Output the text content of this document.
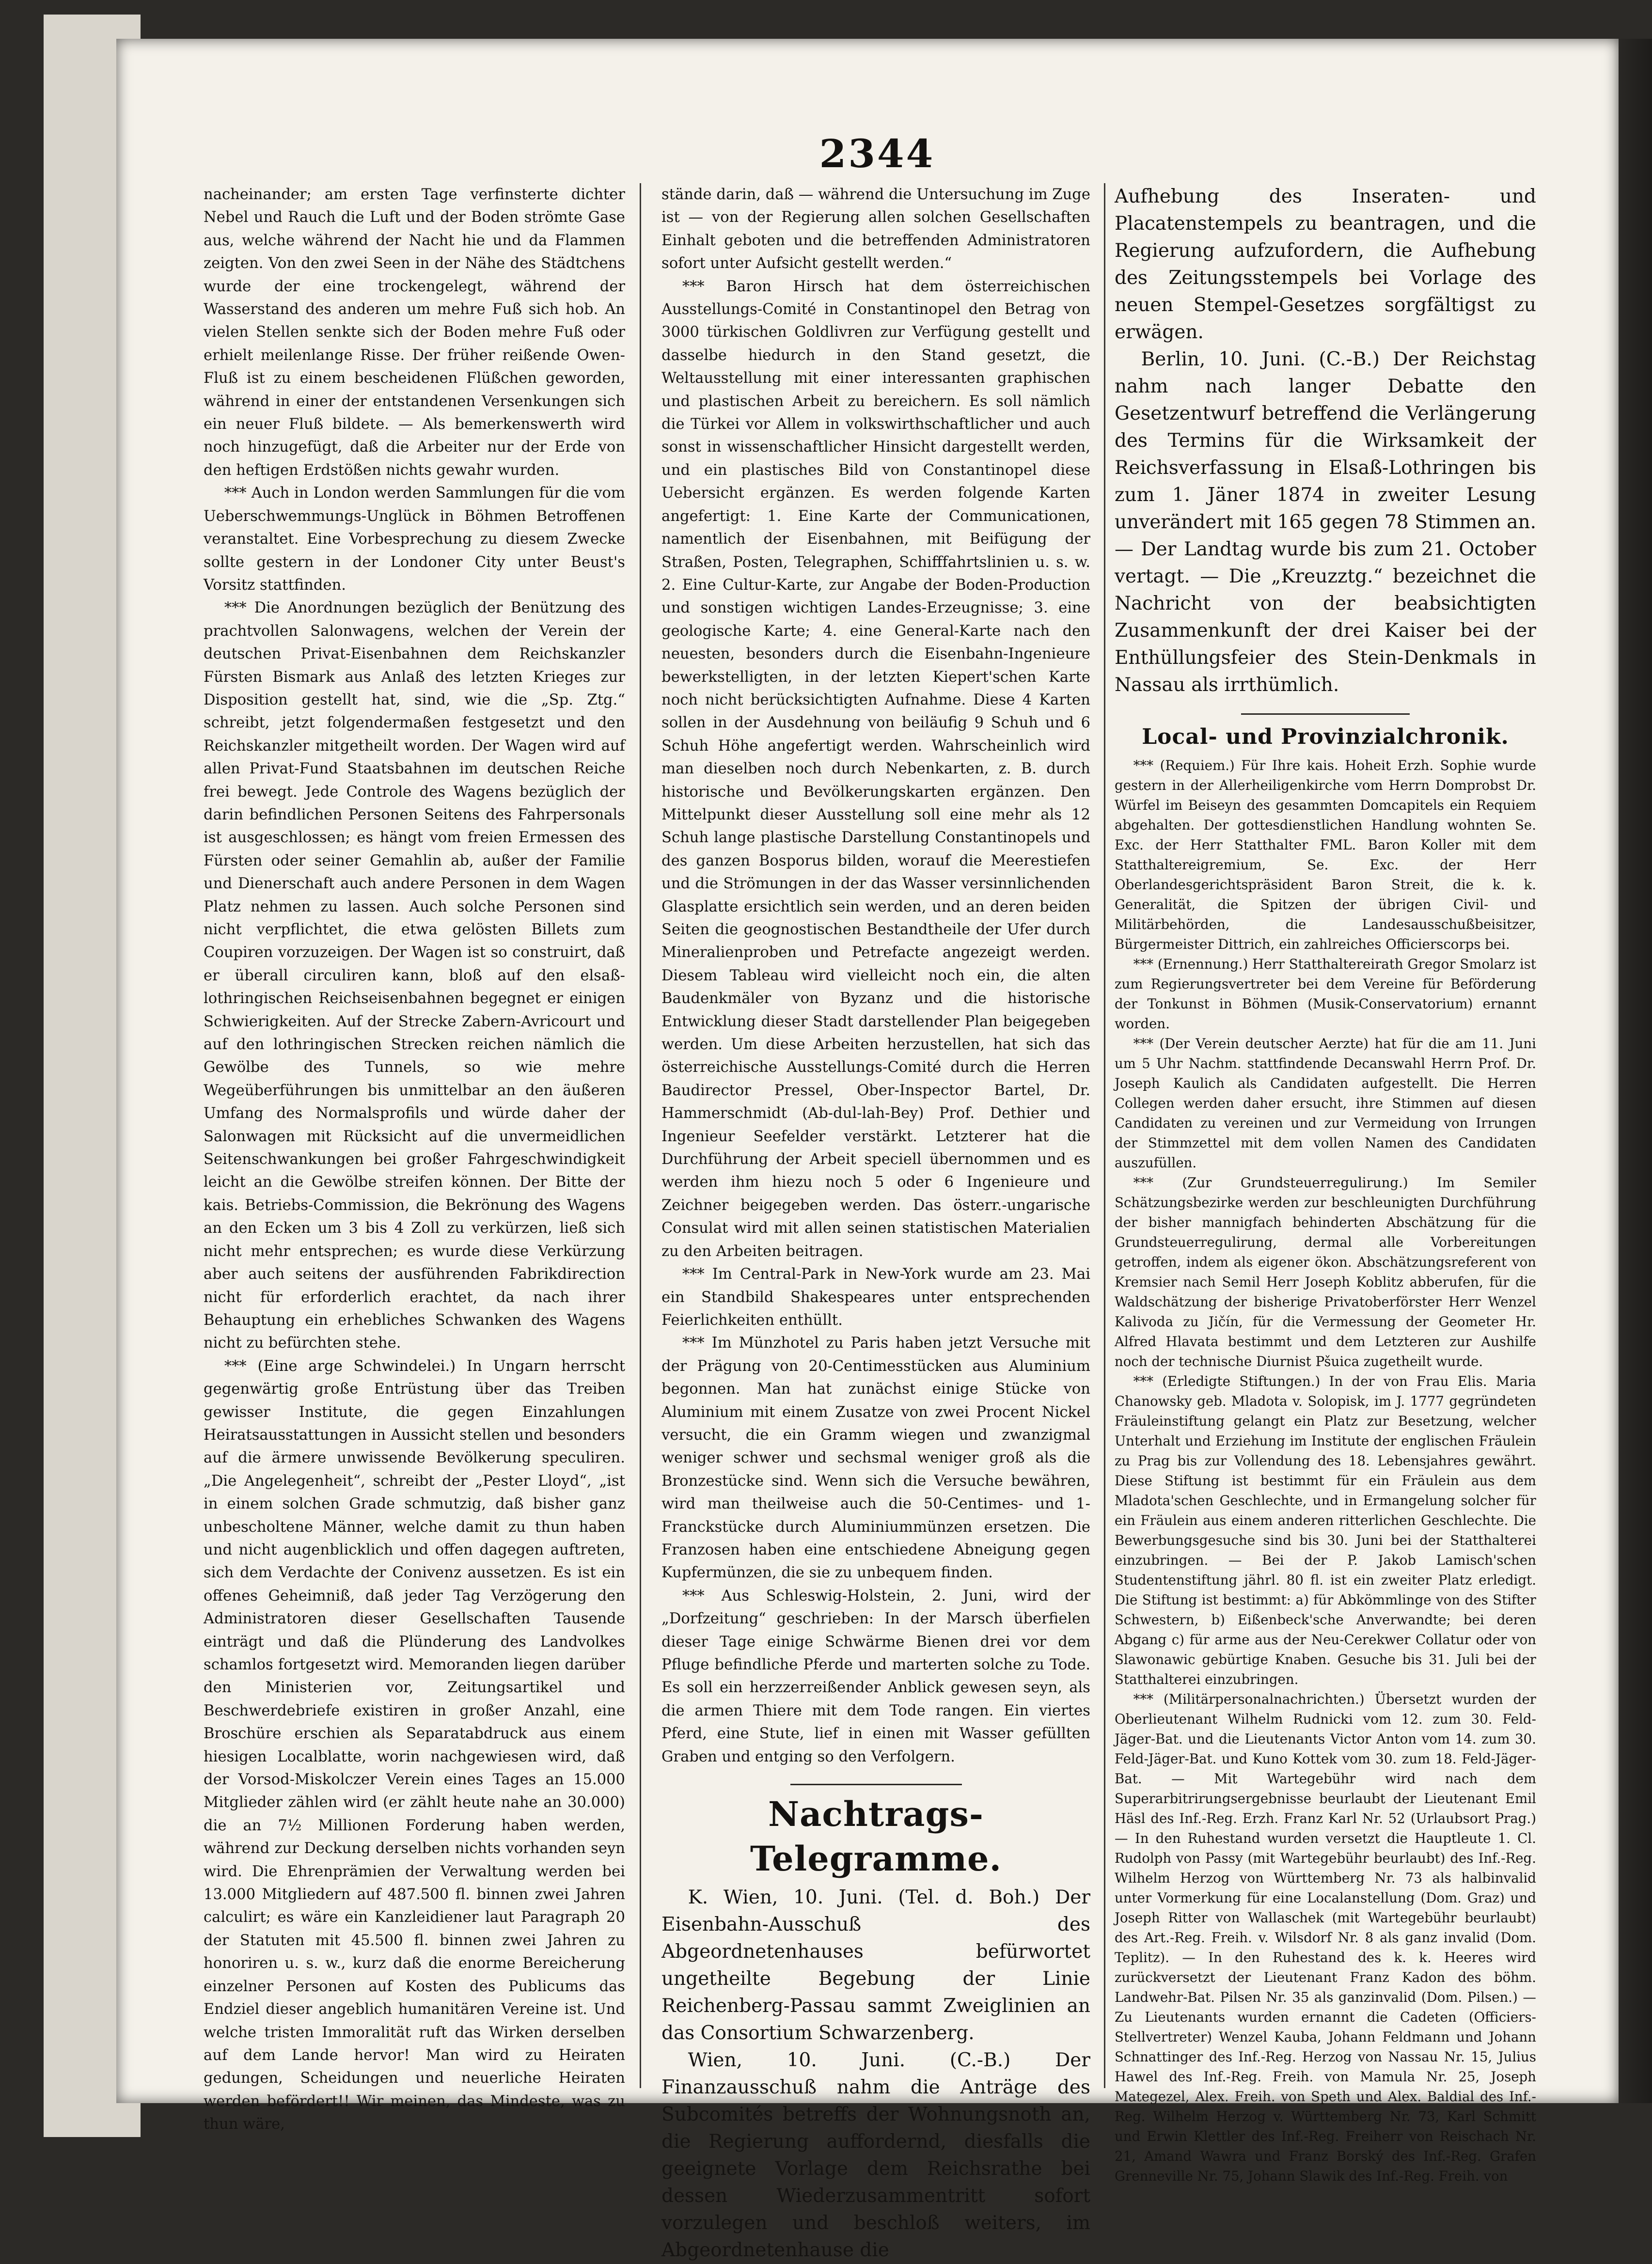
2344

nacheinander; am ersten Tage verfinsterte dichter Nebel und Rauch die Luft und der Boden strömte Gase aus, welche während der Nacht hie und da Flammen zeigten. Von den zwei Seen in der Nähe des Städtchens wurde der eine trockengelegt, während der Wasserstand des anderen um mehre Fuß sich hob. An vielen Stellen senkte sich der Boden mehre Fuß oder erhielt meilenlange Risse. Der früher reißende Owen-Fluß ist zu einem bescheidenen Flüßchen geworden, während in einer der entstandenen Versenkungen sich ein neuer Fluß bildete. — Als bemerkenswerth wird noch hinzugefügt, daß die Arbeiter nur der Erde von den heftigen Erdstößen nichts gewahr wurden.

*** Auch in London werden Sammlungen für die vom Ueberschwemmungs-Unglück in Böhmen Betroffenen veranstaltet. Eine Vorbesprechung zu diesem Zwecke sollte gestern in der Londoner City unter Beust's Vorsitz stattfinden.

*** Die Anordnungen bezüglich der Benützung des prachtvollen Salonwagens, welchen der Verein der deutschen Privat-Eisenbahnen dem Reichskanzler Fürsten Bismark aus Anlaß des letzten Krieges zur Disposition gestellt hat, sind, wie die „Sp. Ztg.“ schreibt, jetzt folgendermaßen festgesetzt und den Reichskanzler mitgetheilt worden. Der Wagen wird auf allen Privat-Fund Staatsbahnen im deutschen Reiche frei bewegt. Jede Controle des Wagens bezüglich der darin befindlichen Personen Seitens des Fahrpersonals ist ausgeschlossen; es hängt vom freien Ermessen des Fürsten oder seiner Gemahlin ab, außer der Familie und Dienerschaft auch andere Personen in dem Wagen Platz nehmen zu lassen. Auch solche Personen sind nicht verpflichtet, die etwa gelösten Billets zum Coupiren vorzuzeigen. Der Wagen ist so construirt, daß er überall circuliren kann, bloß auf den elsaß-lothringischen Reichseisenbahnen begegnet er einigen Schwierigkeiten. Auf der Strecke Zabern-Avricourt und auf den lothringischen Strecken reichen nämlich die Gewölbe des Tunnels, so wie mehre Wegeüberführungen bis unmittelbar an den äußeren Umfang des Normalsprofils und würde daher der Salonwagen mit Rücksicht auf die unvermeidlichen Seitenschwankungen bei großer Fahrgeschwindigkeit leicht an die Gewölbe streifen können. Der Bitte der kais. Betriebs-Commission, die Bekrönung des Wagens an den Ecken um 3 bis 4 Zoll zu verkürzen, ließ sich nicht mehr entsprechen; es wurde diese Verkürzung aber auch seitens der ausführenden Fabrikdirection nicht für erforderlich erachtet, da nach ihrer Behauptung ein erhebliches Schwanken des Wagens nicht zu befürchten stehe.

*** (Eine arge Schwindelei.) In Ungarn herrscht gegenwärtig große Entrüstung über das Treiben gewisser Institute, die gegen Einzahlungen Heiratsausstattungen in Aussicht stellen und besonders auf die ärmere unwissende Bevölkerung speculiren. „Die Angelegenheit“, schreibt der „Pester Lloyd“, „ist in einem solchen Grade schmutzig, daß bisher ganz unbescholtene Männer, welche damit zu thun haben und nicht augenblicklich und offen dagegen auftreten, sich dem Verdachte der Conivenz aussetzen. Es ist ein offenes Geheimniß, daß jeder Tag Verzögerung den Administratoren dieser Gesellschaften Tausende einträgt und daß die Plünderung des Landvolkes schamlos fortgesetzt wird. Memoranden liegen darüber den Ministerien vor, Zeitungsartikel und Beschwerdebriefe existiren in großer Anzahl, eine Broschüre erschien als Separatabdruck aus einem hiesigen Localblatte, worin nachgewiesen wird, daß der Vorsod-Miskolczer Verein eines Tages an 15.000 Mitglieder zählen wird (er zählt heute nahe an 30.000) die an 7½ Millionen Forderung haben werden, während zur Deckung derselben nichts vorhanden seyn wird. Die Ehrenprämien der Verwaltung werden bei 13.000 Mitgliedern auf 487.500 fl. binnen zwei Jahren calculirt; es wäre ein Kanzleidiener laut Paragraph 20 der Statuten mit 45.500 fl. binnen zwei Jahren zu honoriren u. s. w., kurz daß die enorme Bereicherung einzelner Personen auf Kosten des Publicums das Endziel dieser angeblich humanitären Vereine ist. Und welche tristen Immoralität ruft das Wirken derselben auf dem Lande hervor! Man wird zu Heiraten gedungen, Scheidungen und neuerliche Heiraten werden befördert!! Wir meinen, das Mindeste, was zu thun wäre,

stände darin, daß — während die Untersuchung im Zuge ist — von der Regierung allen solchen Gesellschaften Einhalt geboten und die betreffenden Administratoren sofort unter Aufsicht gestellt werden.“

*** Baron Hirsch hat dem österreichischen Ausstellungs-Comité in Constantinopel den Betrag von 3000 türkischen Goldlivren zur Verfügung gestellt und dasselbe hiedurch in den Stand gesetzt, die Weltausstellung mit einer interessanten graphischen und plastischen Arbeit zu bereichern. Es soll nämlich die Türkei vor Allem in volkswirthschaftlicher und auch sonst in wissenschaftlicher Hinsicht dargestellt werden, und ein plastisches Bild von Constantinopel diese Uebersicht ergänzen. Es werden folgende Karten angefertigt: 1. Eine Karte der Communicationen, namentlich der Eisenbahnen, mit Beifügung der Straßen, Posten, Telegraphen, Schifffahrtslinien u. s. w. 2. Eine Cultur-Karte, zur Angabe der Boden-Production und sonstigen wichtigen Landes-Erzeugnisse; 3. eine geologische Karte; 4. eine General-Karte nach den neuesten, besonders durch die Eisenbahn-Ingenieure bewerkstelligten, in der letzten Kiepert'schen Karte noch nicht berücksichtigten Aufnahme. Diese 4 Karten sollen in der Ausdehnung von beiläufig 9 Schuh und 6 Schuh Höhe angefertigt werden. Wahrscheinlich wird man dieselben noch durch Nebenkarten, z. B. durch historische und Bevölkerungskarten ergänzen. Den Mittelpunkt dieser Ausstellung soll eine mehr als 12 Schuh lange plastische Darstellung Constantinopels und des ganzen Bosporus bilden, worauf die Meerestiefen und die Strömungen in der das Wasser versinnlichenden Glasplatte ersichtlich sein werden, und an deren beiden Seiten die geognostischen Bestandtheile der Ufer durch Mineralienproben und Petrefacte angezeigt werden. Diesem Tableau wird vielleicht noch ein, die alten Baudenkmäler von Byzanz und die historische Entwicklung dieser Stadt darstellender Plan beigegeben werden. Um diese Arbeiten herzustellen, hat sich das österreichische Ausstellungs-Comité durch die Herren Baudirector Pressel, Ober-Inspector Bartel, Dr. Hammerschmidt (Ab-dul-lah-Bey) Prof. Dethier und Ingenieur Seefelder verstärkt. Letzterer hat die Durchführung der Arbeit speciell übernommen und es werden ihm hiezu noch 5 oder 6 Ingenieure und Zeichner beigegeben werden. Das österr.-ungarische Consulat wird mit allen seinen statistischen Materialien zu den Arbeiten beitragen.

*** Im Central-Park in New-York wurde am 23. Mai ein Standbild Shakespeares unter entsprechenden Feierlichkeiten enthüllt.

*** Im Münzhotel zu Paris haben jetzt Versuche mit der Prägung von 20-Centimesstücken aus Aluminium begonnen. Man hat zunächst einige Stücke von Aluminium mit einem Zusatze von zwei Procent Nickel versucht, die ein Gramm wiegen und zwanzigmal weniger schwer und sechsmal weniger groß als die Bronzestücke sind. Wenn sich die Versuche bewähren, wird man theilweise auch die 50-Centimes- und 1-Franckstücke durch Aluminiummünzen ersetzen. Die Franzosen haben eine entschiedene Abneigung gegen Kupfermünzen, die sie zu unbequem finden.

*** Aus Schleswig-Holstein, 2. Juni, wird der „Dorfzeitung“ geschrieben: In der Marsch überfielen dieser Tage einige Schwärme Bienen drei vor dem Pfluge befindliche Pferde und marterten solche zu Tode. Es soll ein herzzerreißender Anblick gewesen seyn, als die armen Thiere mit dem Tode rangen. Ein viertes Pferd, eine Stute, lief in einen mit Wasser gefüllten Graben und entging so den Verfolgern.

Nachtrags-Telegramme.

K. Wien, 10. Juni. (Tel. d. Boh.) Der Eisenbahn-Ausschuß des Abgeordnetenhauses befürwortet ungetheilte Begebung der Linie Reichenberg-Passau sammt Zweiglinien an das Consortium Schwarzenberg.

Wien, 10. Juni. (C.-B.) Der Finanzausschuß nahm die Anträge des Subcomités betreffs der Wohnungsnoth an, die Regierung auffordernd, diesfalls die geeignete Vorlage dem Reichsrathe bei dessen Wiederzusammentritt sofort vorzulegen und beschloß weiters, im Abgeordnetenhause die

Aufhebung des Inseraten- und Placatenstempels zu beantragen, und die Regierung aufzufordern, die Aufhebung des Zeitungsstempels bei Vorlage des neuen Stempel-Gesetzes sorgfältigst zu erwägen.

Berlin, 10. Juni. (C.-B.) Der Reichstag nahm nach langer Debatte den Gesetzentwurf betreffend die Verlängerung des Termins für die Wirksamkeit der Reichsverfassung in Elsaß-Lothringen bis zum 1. Jäner 1874 in zweiter Lesung unverändert mit 165 gegen 78 Stimmen an. — Der Landtag wurde bis zum 21. October vertagt. — Die „Kreuzztg.“ bezeichnet die Nachricht von der beabsichtigten Zusammenkunft der drei Kaiser bei der Enthüllungsfeier des Stein-Denkmals in Nassau als irrthümlich.

Local- und Provinzialchronik.

*** (Requiem.) Für Ihre kais. Hoheit Erzh. Sophie wurde gestern in der Allerheiligenkirche vom Herrn Domprobst Dr. Würfel im Beiseyn des gesammten Domcapitels ein Requiem abgehalten. Der gottesdienstlichen Handlung wohnten Se. Exc. der Herr Statthalter FML. Baron Koller mit dem Statthaltereigremium, Se. Exc. der Herr Oberlandesgerichtspräsident Baron Streit, die k. k. Generalität, die Spitzen der übrigen Civil- und Militärbehörden, die Landesausschußbeisitzer, Bürgermeister Dittrich, ein zahlreiches Officierscorps bei.

*** (Ernennung.) Herr Statthaltereirath Gregor Smolarz ist zum Regierungsvertreter bei dem Vereine für Beförderung der Tonkunst in Böhmen (Musik-Conservatorium) ernannt worden.

*** (Der Verein deutscher Aerzte) hat für die am 11. Juni um 5 Uhr Nachm. stattfindende Decanswahl Herrn Prof. Dr. Joseph Kaulich als Candidaten aufgestellt. Die Herren Collegen werden daher ersucht, ihre Stimmen auf diesen Candidaten zu vereinen und zur Vermeidung von Irrungen der Stimmzettel mit dem vollen Namen des Candidaten auszufüllen.

*** (Zur Grundsteuerregulirung.) Im Semiler Schätzungsbezirke werden zur beschleunigten Durchführung der bisher mannigfach behinderten Abschätzung für die Grundsteuerregulirung, dermal alle Vorbereitungen getroffen, indem als eigener ökon. Abschätzungsreferent von Kremsier nach Semil Herr Joseph Koblitz abberufen, für die Waldschätzung der bisherige Privatoberförster Herr Wenzel Kalivoda zu Jičín, für die Vermessung der Geometer Hr. Alfred Hlavata bestimmt und dem Letzteren zur Aushilfe noch der technische Diurnist Pšuica zugetheilt wurde.

*** (Erledigte Stiftungen.) In der von Frau Elis. Maria Chanowsky geb. Mladota v. Solopisk, im J. 1777 gegründeten Fräuleinstiftung gelangt ein Platz zur Besetzung, welcher Unterhalt und Erziehung im Institute der englischen Fräulein zu Prag bis zur Vollendung des 18. Lebensjahres gewährt. Diese Stiftung ist bestimmt für ein Fräulein aus dem Mladota'schen Geschlechte, und in Ermangelung solcher für ein Fräulein aus einem anderen ritterlichen Geschlechte. Die Bewerbungsgesuche sind bis 30. Juni bei der Statthalterei einzubringen. — Bei der P. Jakob Lamisch'schen Studentenstiftung jährl. 80 fl. ist ein zweiter Platz erledigt. Die Stiftung ist bestimmt: a) für Abkömmlinge von des Stifter Schwestern, b) Eißenbeck'sche Anverwandte; bei deren Abgang c) für arme aus der Neu-Cerekwer Collatur oder von Slawonawic gebürtige Knaben. Gesuche bis 31. Juli bei der Statthalterei einzubringen.

*** (Militärpersonalnachrichten.) Übersetzt wurden der Oberlieutenant Wilhelm Rudnicki vom 12. zum 30. Feld-Jäger-Bat. und die Lieutenants Victor Anton vom 14. zum 30. Feld-Jäger-Bat. und Kuno Kottek vom 30. zum 18. Feld-Jäger-Bat. — Mit Wartegebühr wird nach dem Superarbitrirungsergebnisse beurlaubt der Lieutenant Emil Häsl des Inf.-Reg. Erzh. Franz Karl Nr. 52 (Urlaubsort Prag.) — In den Ruhestand wurden versetzt die Hauptleute 1. Cl. Rudolph von Passy (mit Wartegebühr beurlaubt) des Inf.-Reg. Wilhelm Herzog von Württemberg Nr. 73 als halbinvalid unter Vormerkung für eine Localanstellung (Dom. Graz) und Joseph Ritter von Wallaschek (mit Wartegebühr beurlaubt) des Art.-Reg. Freih. v. Wilsdorf Nr. 8 als ganz invalid (Dom. Teplitz). — In den Ruhestand des k. k. Heeres wird zurückversetzt der Lieutenant Franz Kadon des böhm. Landwehr-Bat. Pilsen Nr. 35 als ganzinvalid (Dom. Pilsen.) — Zu Lieutenants wurden ernannt die Cadeten (Officiers-Stellvertreter) Wenzel Kauba, Johann Feldmann und Johann Schnattinger des Inf.-Reg. Herzog von Nassau Nr. 15, Julius Hawel des Inf.-Reg. Freih. von Mamula Nr. 25, Joseph Mategezel, Alex. Freih. von Speth und Alex. Baldial des Inf.-Reg. Wilhelm Herzog v. Württemberg Nr. 73, Karl Schmitt und Erwin Klettler des Inf.-Reg. Freiherr von Reischach Nr. 21, Amand Wawra und Franz Borský des Inf.-Reg. Grafen Grenneville Nr. 75, Johann Slawik des Inf.-Reg. Freih. von
